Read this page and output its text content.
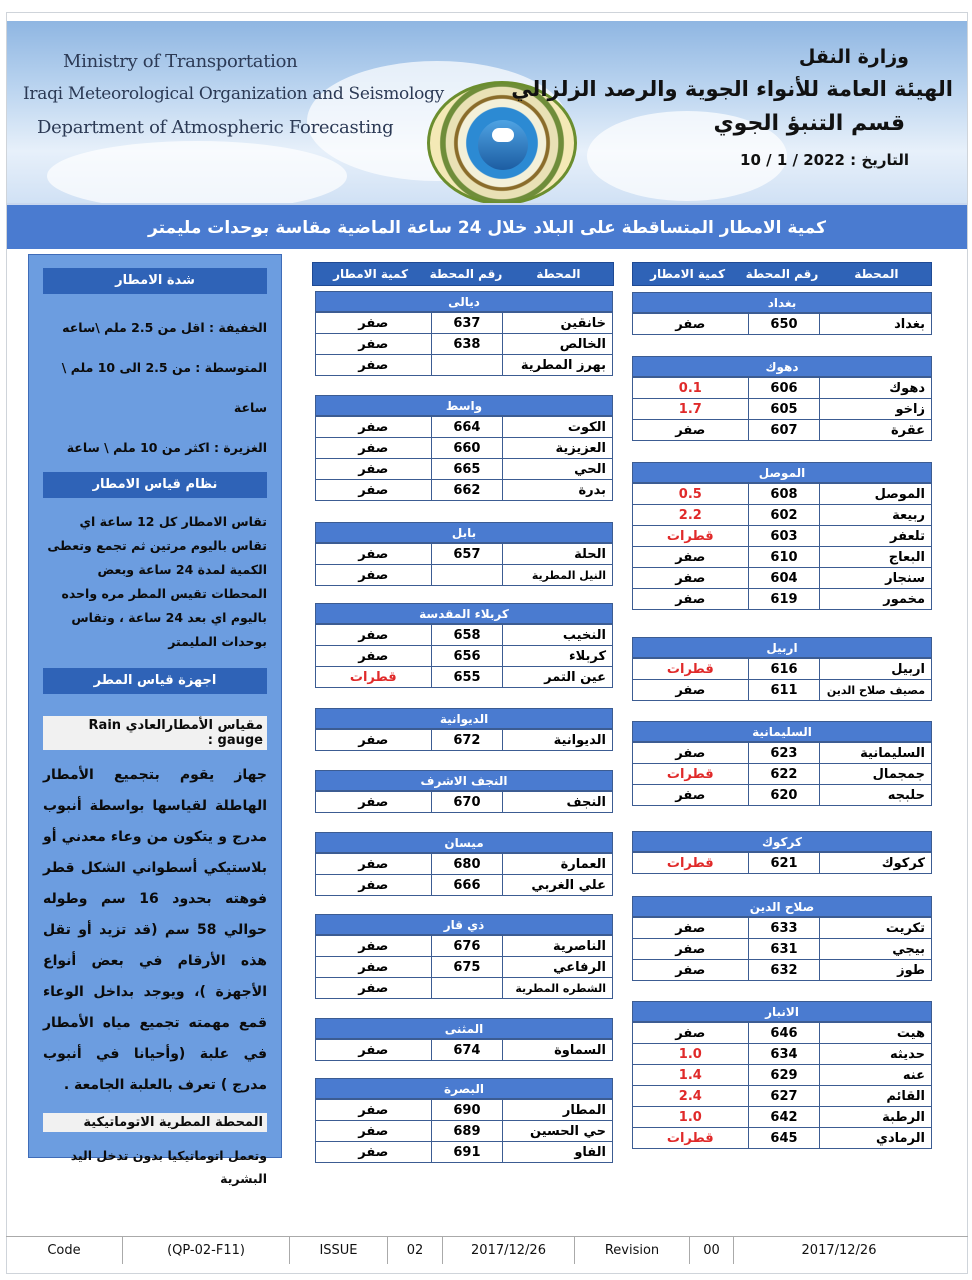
Ministry of Transportation
Iraqi Meteorological Organization and Seismology
Department of Atmospheric Forecasting
وزارة النقل
الهيئة العامة للأنواء الجوية والرصد الزلزالي
قسم التنبؤ الجوي
التاريخ : 10 / 1 / 2022
كمية الامطار المتساقطة على البلاد خلال 24 ساعة الماضية مقاسة بوحدات مليمتر
شدة الامطار
الخفيفة : اقل من 2.5 ملم \ساعه
المتوسطة : من 2.5 الى 10 ملم \ ساعة
الغزيرة : اكثر من 10 ملم \ ساعة
نظام قياس الامطار
تقاس الامطار كل 12 ساعة اي تقاس باليوم مرتين ثم تجمع وتعطى الكمية لمدة 24 ساعة وبعض المحطات تقيس المطر مره واحده باليوم اي بعد 24 ساعة ، وتقاس بوحدات المليمتر
اجهزة قياس المطر
مقياس الأمطارالعادي Rain gauge :
جهاز يقوم بتجميع الأمطار الهاطلة لقياسها بواسطة أنبوب مدرج و يتكون من وعاء معدني أو بلاستيكي أسطواني الشكل قطر فوهته بحدود 16 سم وطوله حوالي 58 سم (قد تزيد أو تقل هذه الأرقام في بعض أنواع الأجهزة )، ويوجد بداخل الوعاء قمع مهمته تجميع مياه الأمطار في علبة (وأحيانا في أنبوب مدرج ) تعرف بالعلبة الجامعة .
المحطة المطرية الاتوماتيكية
وتعمل اتوماتيكيا بدون تدخل اليد البشرية
المحطة
رقم المحطة
كمية الامطار
المحطة
رقم المحطة
كمية الامطار
بغداد
بغداد	650	صفر
دهوك
دهوك	606	0.1
زاخو	605	1.7
عقرة	607	صفر
الموصل
الموصل	608	0.5
ربيعة	602	2.2
تلعفر	603	قطرات
البعاج	610	صفر
سنجار	604	صفر
مخمور	619	صفر
اربيل
اربيل	616	قطرات
مصيف صلاح الدين	611	صفر
السليمانية
السليمانية	623	صفر
جمجمال	622	قطرات
حلبجه	620	صفر
كركوك
كركوك	621	قطرات
صلاح الدين
تكريت	633	صفر
بيجي	631	صفر
طوز	632	صفر
الانبار
هيت	646	صفر
حديثه	634	1.0
عنه	629	1.4
القائم	627	2.4
الرطبة	642	1.0
الرمادي	645	قطرات
ديالى
خانقين	637	صفر
الخالص	638	صفر
بهرز المطرية		صفر
واسط
الكوت	664	صفر
العزيزية	660	صفر
الحي	665	صفر
بدرة	662	صفر
بابل
الحلة	657	صفر
النيل المطرية		صفر
كربلاء المقدسة
النخيب	658	صفر
كربلاء	656	صفر
عين التمر	655	قطرات
الديوانية
الديوانية	672	صفر
النجف الاشرف
النجف	670	صفر
ميسان
العمارة	680	صفر
علي الغربي	666	صفر
ذي قار
الناصرية	676	صفر
الرفاعي	675	صفر
الشطره المطرية		صفر
المثنى
السماوة	674	صفر
البصرة
المطار	690	صفر
حي الحسين	689	صفر
الفاو	691	صفر
Code	(QP-02-F11)	ISSUE	02	2017/12/26	Revision	00	2017/12/26
